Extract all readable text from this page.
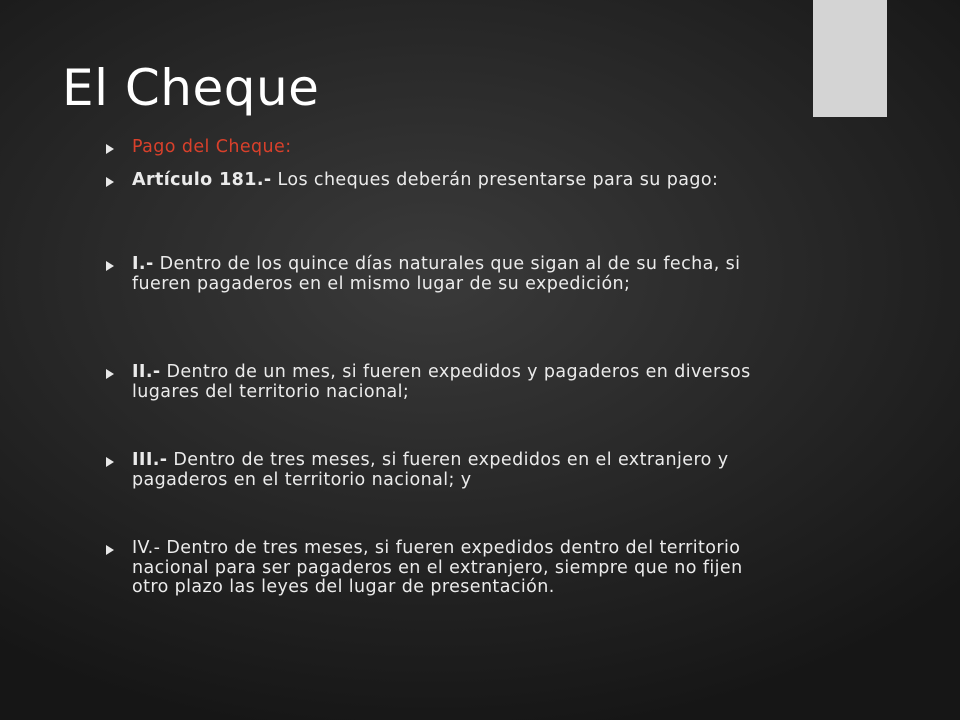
El Cheque
Pago del Cheque:
Artículo 181.- Los cheques deberán presentarse para su pago:
I.- Dentro de los quince días naturales que sigan al de su fecha, si fueren pagaderos en el mismo lugar de su expedición;
II.- Dentro de un mes, si fueren expedidos y pagaderos en diversos lugares del territorio nacional;
III.- Dentro de tres meses, si fueren expedidos en el extranjero y pagaderos en el territorio nacional; y
IV.- Dentro de tres meses, si fueren expedidos dentro del territorio nacional para ser pagaderos en el extranjero, siempre que no fijen otro plazo las leyes del lugar de presentación.
